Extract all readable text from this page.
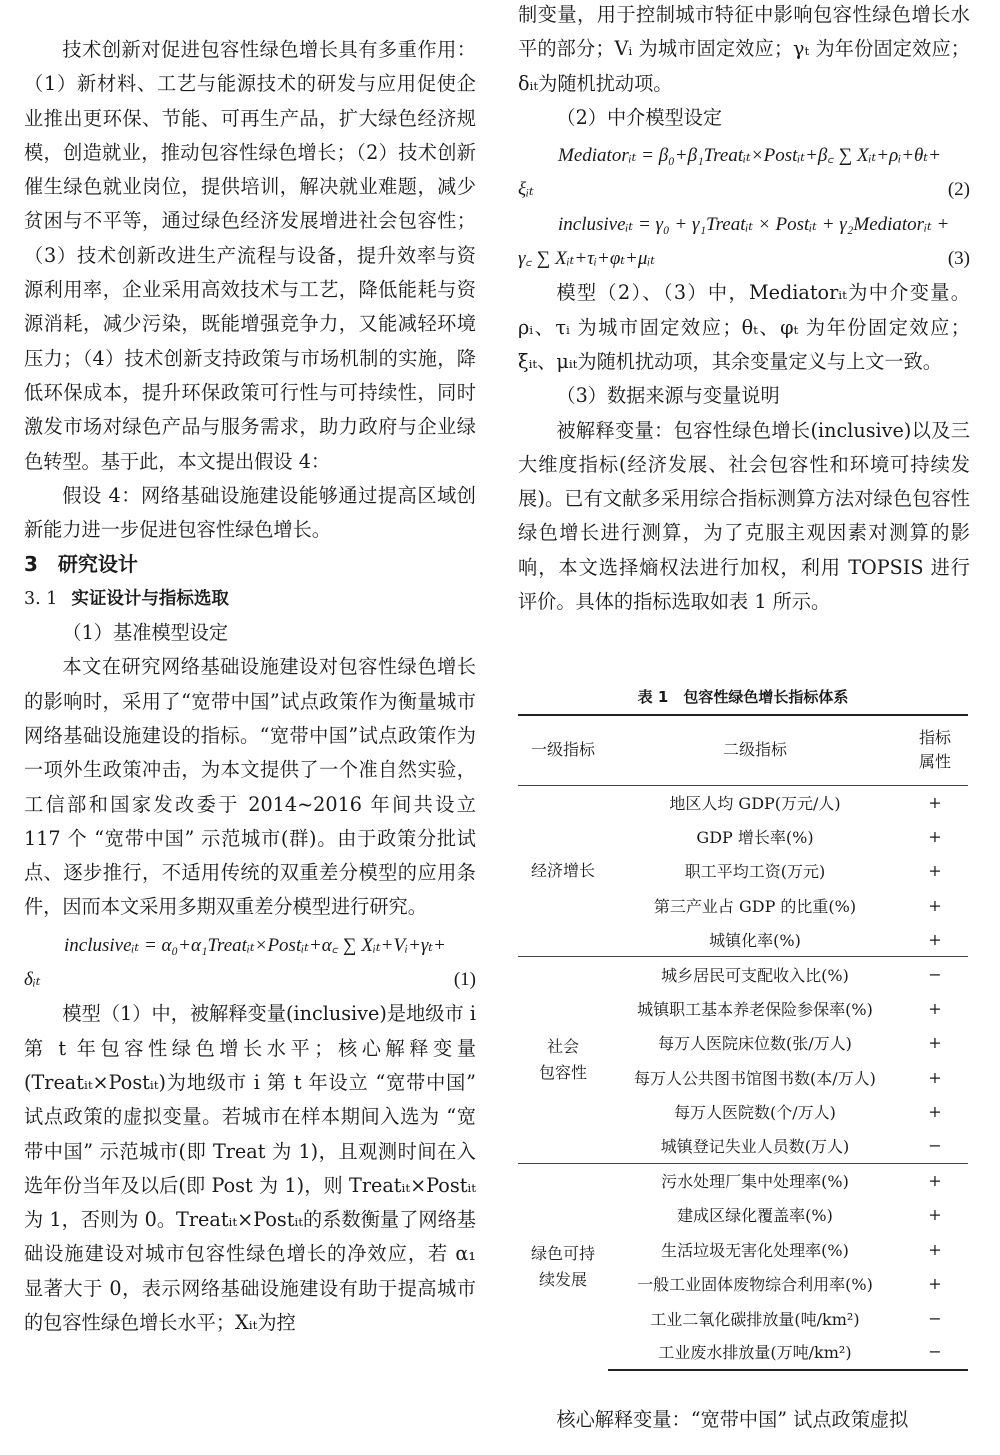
技术创新对促进包容性绿色增长具有多重作用：（1）新材料、工艺与能源技术的研发与应用促使企业推出更环保、节能、可再生产品，扩大绿色经济规模，创造就业，推动包容性绿色增长；（2）技术创新催生绿色就业岗位，提供培训，解决就业难题，减少贫困与不平等，通过绿色经济发展增进社会包容性；（3）技术创新改进生产流程与设备，提升效率与资源利用率，企业采用高效技术与工艺，降低能耗与资源消耗，减少污染，既能增强竞争力，又能减轻环境压力；（4）技术创新支持政策与市场机制的实施，降低环保成本，提升环保政策可行性与可持续性，同时激发市场对绿色产品与服务需求，助力政府与企业绿色转型。基于此，本文提出假设 4：

假设 4：网络基础设施建设能够通过提高区域创新能力进一步促进包容性绿色增长。

3　研究设计

3. 1 实证设计与指标选取

（1）基准模型设定

本文在研究网络基础设施建设对包容性绿色增长的影响时，采用了“宽带中国”试点政策作为衡量城市网络基础设施建设的指标。“宽带中国”试点政策作为一项外生政策冲击，为本文提供了一个准自然实验，工信部和国家发改委于 2014~2016 年间共设立 117 个 “宽带中国” 示范城市(群)。由于政策分批试点、逐步推行，不适用传统的双重差分模型的应用条件，因而本文采用多期双重差分模型进行研究。

inclusiveᵢₜ = α₀+α₁Treatᵢₜ×Postᵢₜ+α꜀ ∑ Xᵢₜ+Vᵢ+γₜ+
δᵢₜ	(1)

模型（1）中，被解释变量(inclusive)是地级市 i 第 t 年包容性绿色增长水平；核心解释变量(Treatᵢₜ×Postᵢₜ)为地级市 i 第 t 年设立 “宽带中国” 试点政策的虚拟变量。若城市在样本期间入选为 “宽带中国” 示范城市(即 Treat 为 1)，且观测时间在入选年份当年及以后(即 Post 为 1)，则 Treatᵢₜ×Postᵢₜ为 1，否则为 0。Treatᵢₜ×Postᵢₜ的系数衡量了网络基础设施建设对城市包容性绿色增长的净效应，若 α₁ 显著大于 0，表示网络基础设施建设有助于提高城市的包容性绿色增长水平；Xᵢₜ为控

制变量，用于控制城市特征中影响包容性绿色增长水平的部分；Vᵢ 为城市固定效应；γₜ 为年份固定效应；δᵢₜ为随机扰动项。

（2）中介模型设定

Mediatorᵢₜ = β₀+β₁Treatᵢₜ×Postᵢₜ+β꜀ ∑ Xᵢₜ+ρᵢ+θₜ+
ξᵢₜ	(2)
inclusiveᵢₜ = γ₀ + γ₁Treatᵢₜ × Postᵢₜ + γ₂Mediatorᵢₜ +
γ꜀ ∑ Xᵢₜ+τᵢ+φₜ+μᵢₜ	(3)

模型（2）、（3）中，Mediatorᵢₜ为中介变量。ρᵢ、τᵢ 为城市固定效应；θₜ、φₜ 为年份固定效应；ξᵢₜ、μᵢₜ为随机扰动项，其余变量定义与上文一致。

（3）数据来源与变量说明

被解释变量：包容性绿色增长(inclusive)以及三大维度指标(经济发展、社会包容性和环境可持续发展)。已有文献多采用综合指标测算方法对绿色包容性绿色增长进行测算，为了克服主观因素对测算的影响，本文选择熵权法进行加权，利用 TOPSIS 进行评价。具体的指标选取如表 1 所示。

表 1　包容性绿色增长指标体系

一级指标	二级指标	指标
属性
经济增长	地区人均 GDP(万元/人)	+
	GDP 增长率(%)	+
	职工平均工资(万元)	+
	第三产业占 GDP 的比重(%)	+
	城镇化率(%)	+
社会
包容性	城乡居民可支配收入比(%)	−
	城镇职工基本养老保险参保率(%)	+
	每万人医院床位数(张/万人)	+
	每万人公共图书馆图书数(本/万人)	+
	每万人医院数(个/万人)	+
	城镇登记失业人员数(万人)	−
绿色可持
续发展	污水处理厂集中处理率(%)	+
	建成区绿化覆盖率(%)	+
	生活垃圾无害化处理率(%)	+
	一般工业固体废物综合利用率(%)	+
	工业二氧化碳排放量(吨/km²)	−
	工业废水排放量(万吨/km²)	−

核心解释变量：“宽带中国” 试点政策虚拟
